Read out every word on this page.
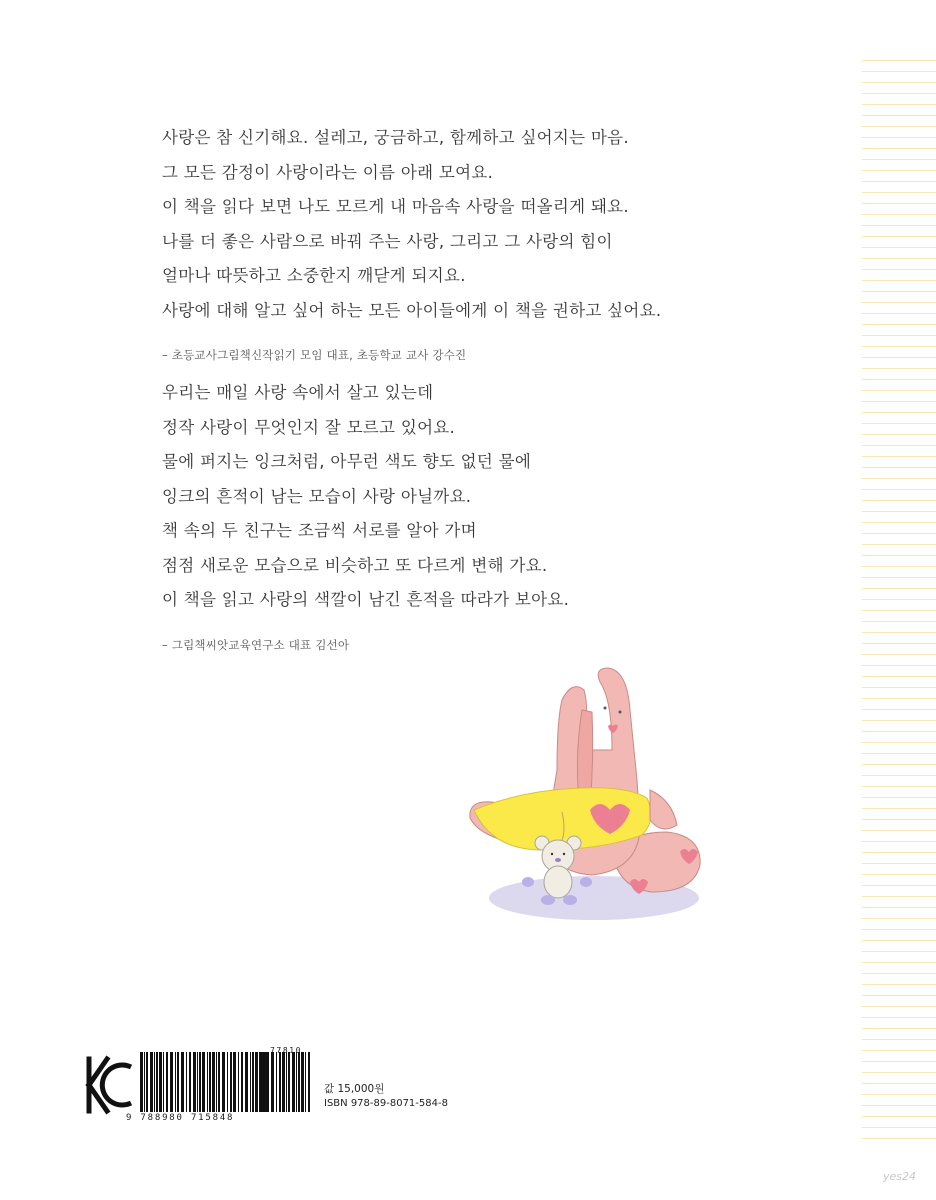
사랑은 참 신기해요. 설레고, 궁금하고, 함께하고 싶어지는 마음.

그 모든 감정이 사랑이라는 이름 아래 모여요.

이 책을 읽다 보면 나도 모르게 내 마음속 사랑을 떠올리게 돼요.

나를 더 좋은 사람으로 바꿔 주는 사랑, 그리고 그 사랑의 힘이

얼마나 따뜻하고 소중한지 깨닫게 되지요.

사랑에 대해 알고 싶어 하는 모든 아이들에게 이 책을 권하고 싶어요.

– 초등교사그림책신작읽기 모임 대표, 초등학교 교사 강수진

우리는 매일 사랑 속에서 살고 있는데

정작 사랑이 무엇인지 잘 모르고 있어요.

물에 퍼지는 잉크처럼, 아무런 색도 향도 없던 물에

잉크의 흔적이 남는 모습이 사랑 아닐까요.

책 속의 두 친구는 조금씩 서로를 알아 가며

점점 새로운 모습으로 비슷하고 또 다르게 변해 가요.

이 책을 읽고 사랑의 색깔이 남긴 흔적을 따라가 보아요.

– 그림책씨앗교육연구소 대표 김선아

9 788980 715848

77810

값 15,000원

ISBN 978-89-8071-584-8

yes24
